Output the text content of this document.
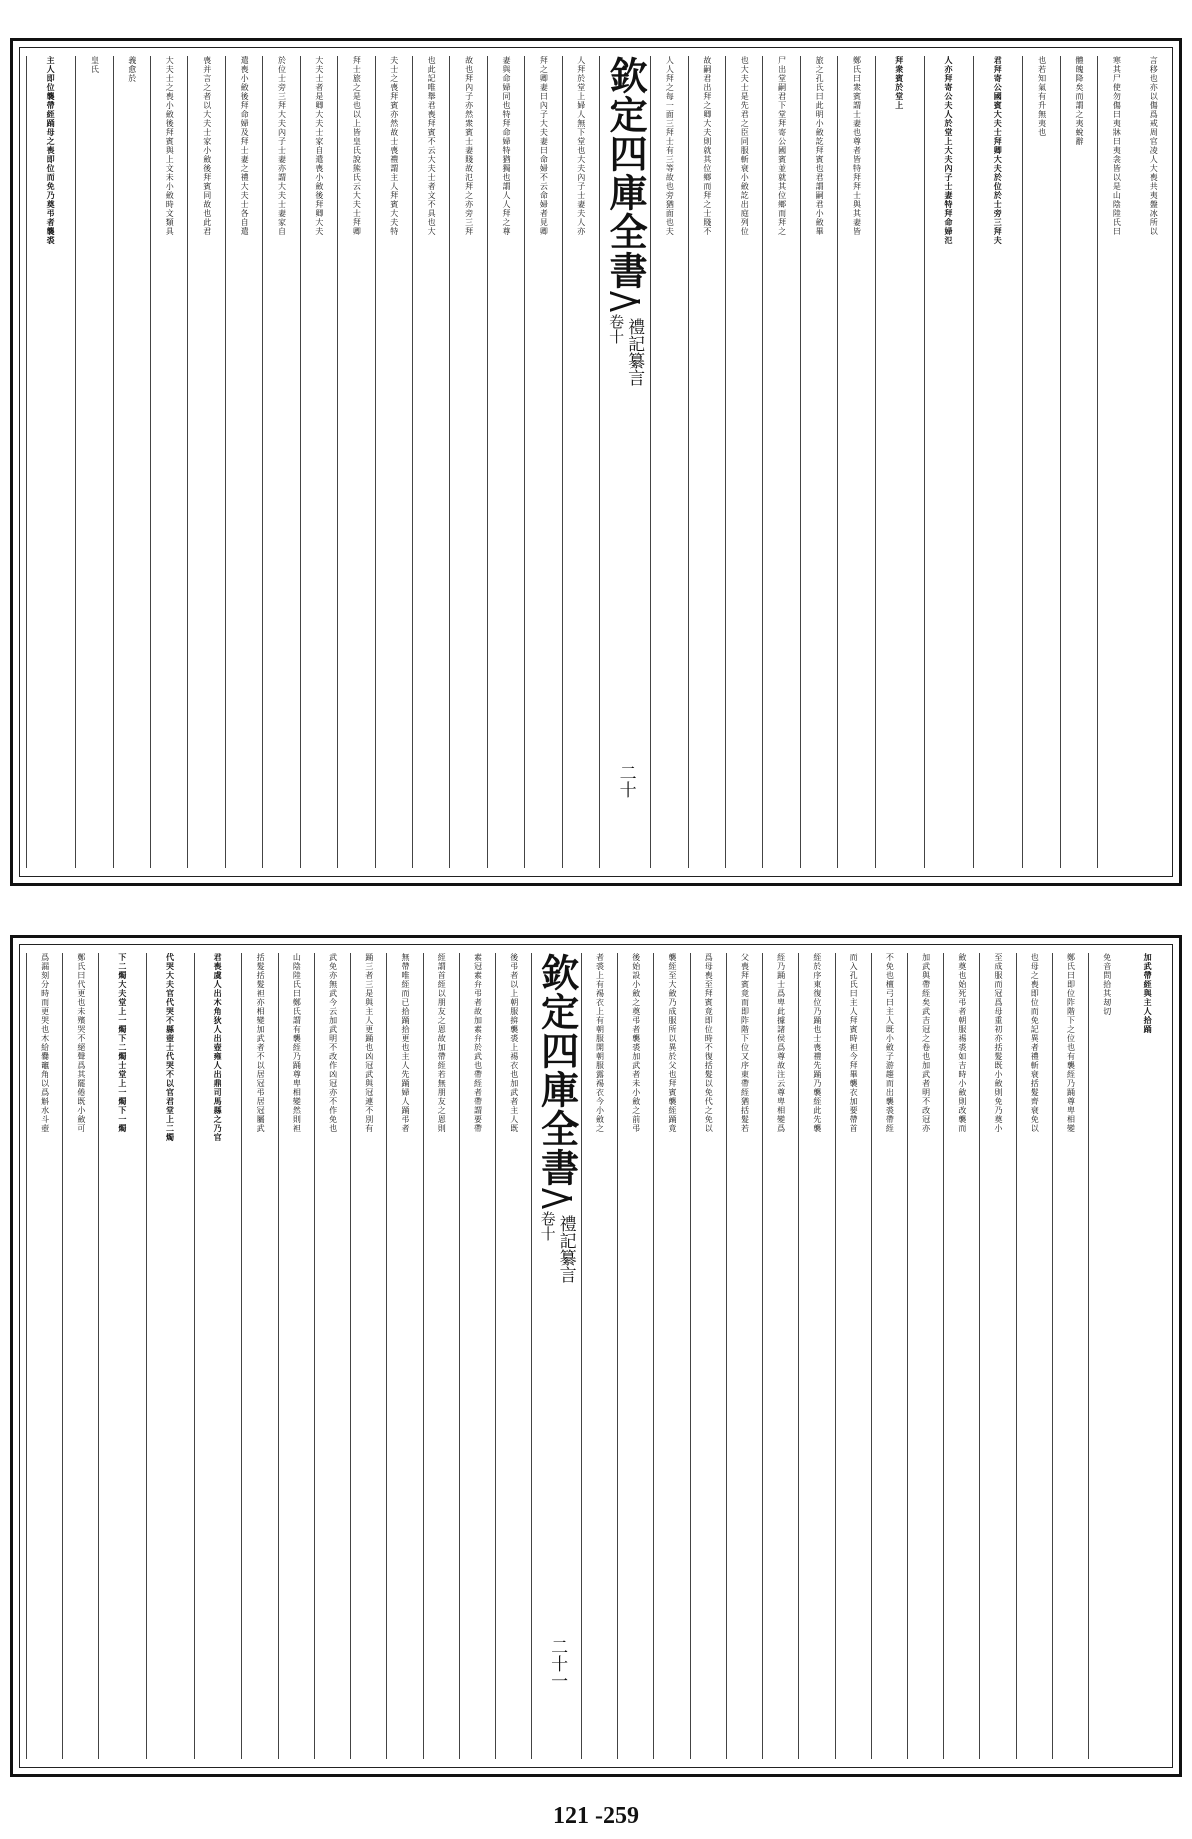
言移也亦以傷爲戒周官凌人大喪共夷盤冰所以
寒其尸使勿傷曰夷牀曰夷衾皆以是山陰陸氏曰
體魄降矣而謂之夷蛻辭
也若知氣有升無夷也
君拜寄公國賓大夫士拜卿大夫於位於士旁三拜夫
人亦拜寄公夫人於堂上大夫內子士妻特拜命婦氾
拜衆賓於堂上
鄭氏曰衆賓謂士妻也尊者皆特拜拜士與其妻皆
旅之孔氏曰此明小斂訖拜賓也君謂嗣君小斂畢
尸出堂嗣君下堂拜寄公國賓並就其位鄉而拜之
也大夫士是先君之臣同服斬衰小斂訖出庭列位
故嗣君出拜之卿大夫則就其位鄉而拜之士賤不
人人拜之每一面三拜士有三等故也旁猶面也夫
欽定四庫全書
禮記纂言
卷十
二十
人拜於堂上婦人無下堂也大夫內子士妻夫人亦
拜之卿妻曰內子大夫妻曰命婦不云命婦者見卿
妻與命婦同也特拜命婦特猶獨也謂人人拜之尊
故也拜內子亦然衆賓士妻賤故氾拜之亦旁三拜
也此記唯舉君喪拜賓不云大夫士者文不具也大
夫士之喪拜賓亦然故士喪禮謂主人拜賓大夫特
拜士旅之是也以上皆皇氏說熊氏云大夫士拜卿
大夫士者是卿大夫士家自遣喪小斂後拜卿大夫
於位士旁三拜大夫內子士妻亦謂大夫士妻家自
遣喪小斂後拜命婦及拜士妻之禮大夫士各自遣
喪并言之者以大夫士家小斂後拜賓同故也此君
大夫士之喪小斂後拜賓與上文未小斂時文類具
義愈於
皇氏
主人即位襲帶絰踊母之喪即位而免乃奠弔者襲裘
加武帶絰與主人拾踊
免音問拾其刼切
鄭氏曰即位阼階下之位也有襲絰乃踊尊卑相變
也母之喪即位而免記異者禮斬衰括髮齊衰免以
至成服而冠爲母重初亦括髮既小斂則免乃奠小
斂奠也始死弔者朝服裼裘如吉時小斂則改襲而
加武與帶絰矣武吉冠之卷也加武者明不改冠亦
不免也檀弓曰主人既小斂子游趨而出襲裘帶絰
而入孔氏曰主人拜賓時袒今拜畢襲衣加要帶首
絰於序東復位乃踊也士喪禮先踊乃襲絰此先襲
絰乃踊士爲卑此據諸侯爲尊故注云尊卑相變爲
父喪拜賓竟而即阼階下位又序東帶絰猶括髮若
爲母喪至拜賓竟即位時不復括髮以免代之免以
襲絰至大斂乃成服所以異於父也拜賓襲絰踊竟
後始設小斂之奠弔者襲裘加武者未小斂之前弔
者裘上有裼衣上有朝服開朝服露裼衣今小斂之
欽定四庫全書
禮記纂言
卷十
二十一
後弔者以上朝服揜襲裘上裼衣也加武者主人既
素冠素弁弔者故加素弁於武也帶絰者帶謂要帶
絰謂首絰以朋友之恩故加帶絰若無朋友之恩則
無帶唯絰而已拾踊拾更也主人先踊婦人踊弔者
踊三者三是與主人更踊也凶冠武與冠連不別有
武免亦無武今云加武明不改作凶冠亦不作免也
山陰陸氏曰鄭氏謂有襲絰乃踊尊卑相變然則袒
括髮括髮袒亦相變加武者不以居冠弔居冠屬武
君喪虞人出木角狄人出壺雍人出鼎司馬縣之乃官
代哭大夫官代哭不縣壺士代哭不以官君堂上二燭
下二燭大夫堂上一燭下二燭士堂上一燭下一燭
鄭氏曰代更也未殯哭不絕聲爲其罷倦既小斂可
爲漏刻分時而更哭也木給爨竈角以爲斛水斗壺
121 -259
